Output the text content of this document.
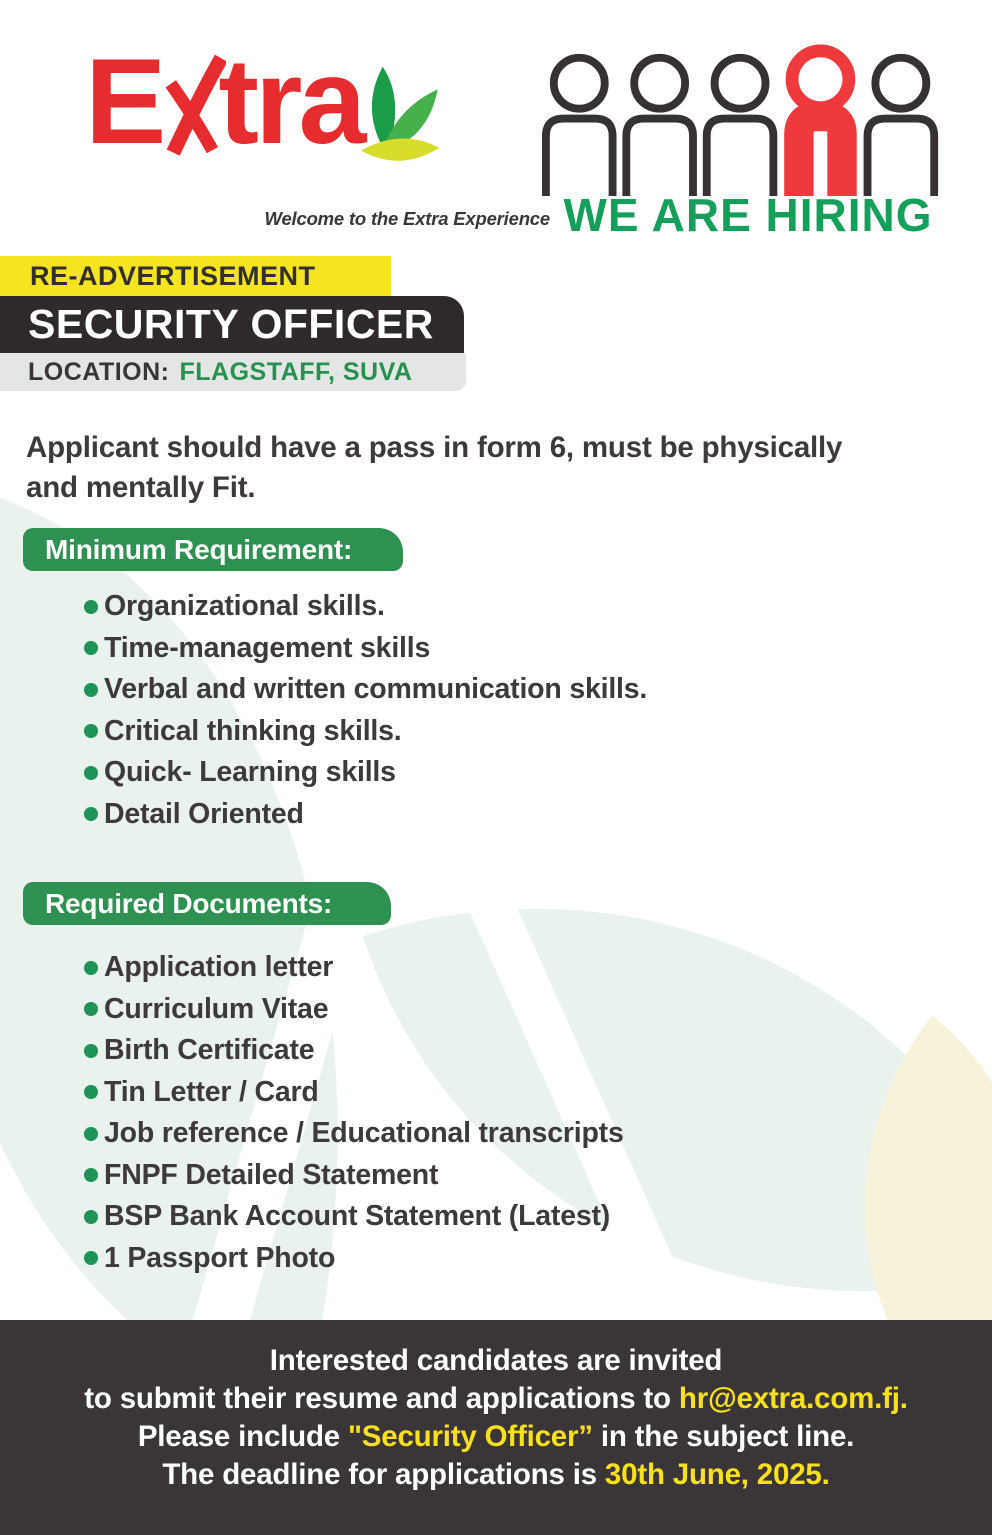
E tra
Welcome to the Extra Experience WE ARE HIRING
RE-ADVERTISEMENT
SECURITY OFFICER
LOCATION: FLAGSTAFF, SUVA

Applicant should have a pass in form 6, must be physically and mentally Fit.

Minimum Requirement:
Organizational skills.
Time-management skills
Verbal and written communication skills.
Critical thinking skills.
Quick- Learning skills
Detail Oriented
Required Documents:
Application letter
Curriculum Vitae
Birth Certificate
Tin Letter / Card
Job reference / Educational transcripts
FNPF Detailed Statement
BSP Bank Account Statement (Latest)
1 Passport Photo

Interested candidates are invited

to submit their resume and applications to hr@extra.com.fj.

Please include "Security Officer” in the subject line.

The deadline for applications is 30th June, 2025.
